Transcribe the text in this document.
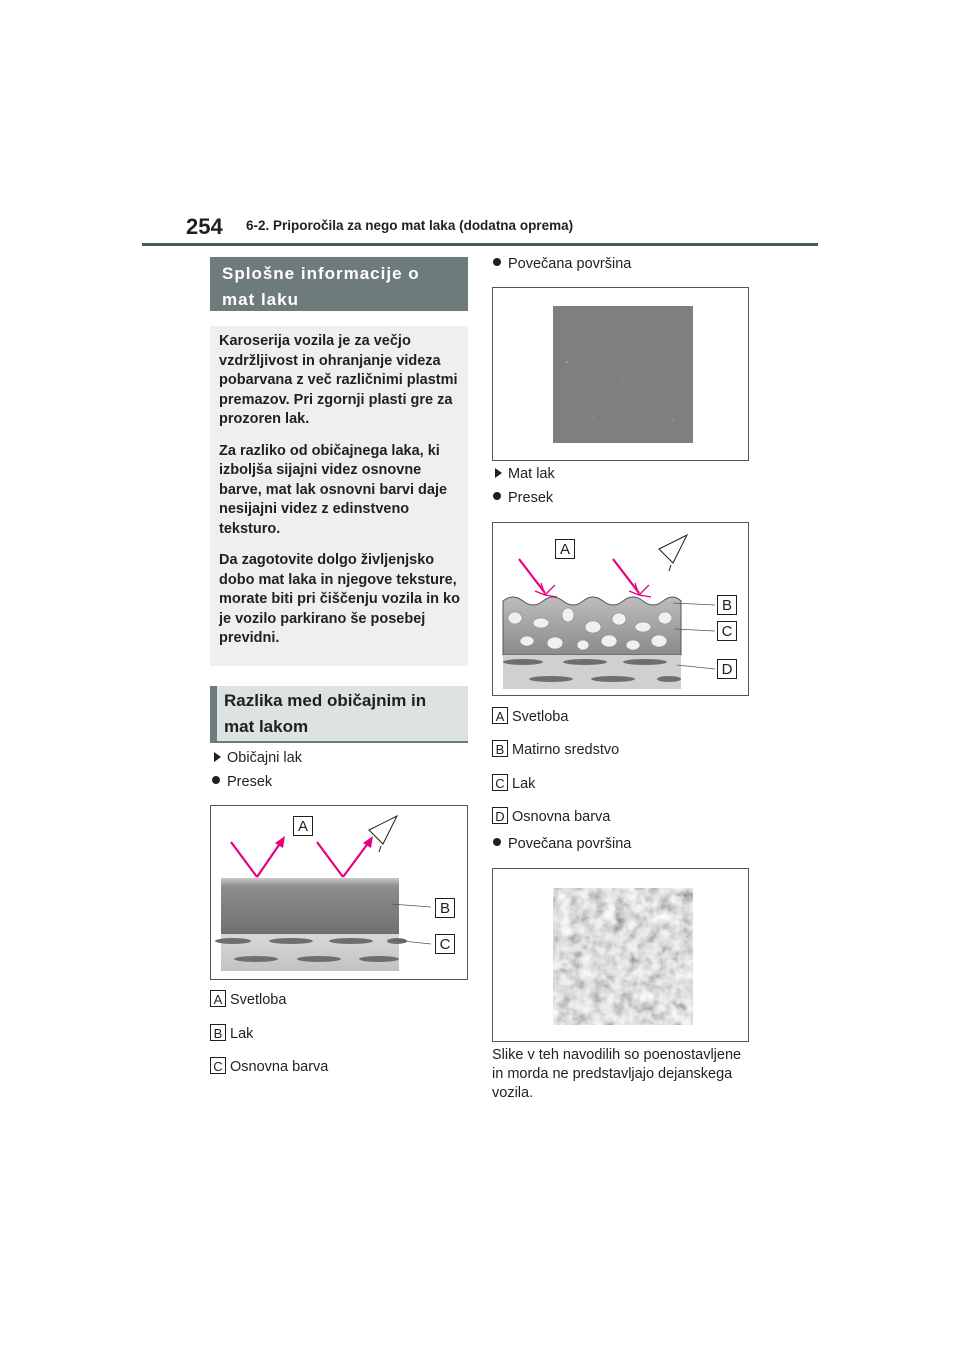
254 6-2. Priporočila za nego mat laka (dodatna oprema)
Splošne informacije o
mat laku

Karoserija vozila je za večjo vzdržljivost in ohranjanje videza pobarvana z več različnimi plastmi premazov. Pri zgornji plasti gre za prozoren lak.

Za razliko od običajnega laka, ki izboljša sijajni videz osnovne barve, mat lak osnovni barvi daje nesijajni videz z edinstveno teksturo.

Da zagotovite dolgo življenjsko dobo mat laka in njegove teksture, morate biti pri čiščenju vozila in ko je vozilo parkirano še posebej previdni.

Razlika med običajnim in
mat lakom
Običajni lak
Presek
A
B
C
A Svetloba
B Lak
C Osnovna barva
Povečana površina
Mat lak
Presek
A
B
C
D
A Svetloba
B Matirno sredstvo
C Lak
D Osnovna barva
Povečana površina
Slike v teh navodilih so poenostavljene in morda ne predstavljajo dejanskega vozila.
